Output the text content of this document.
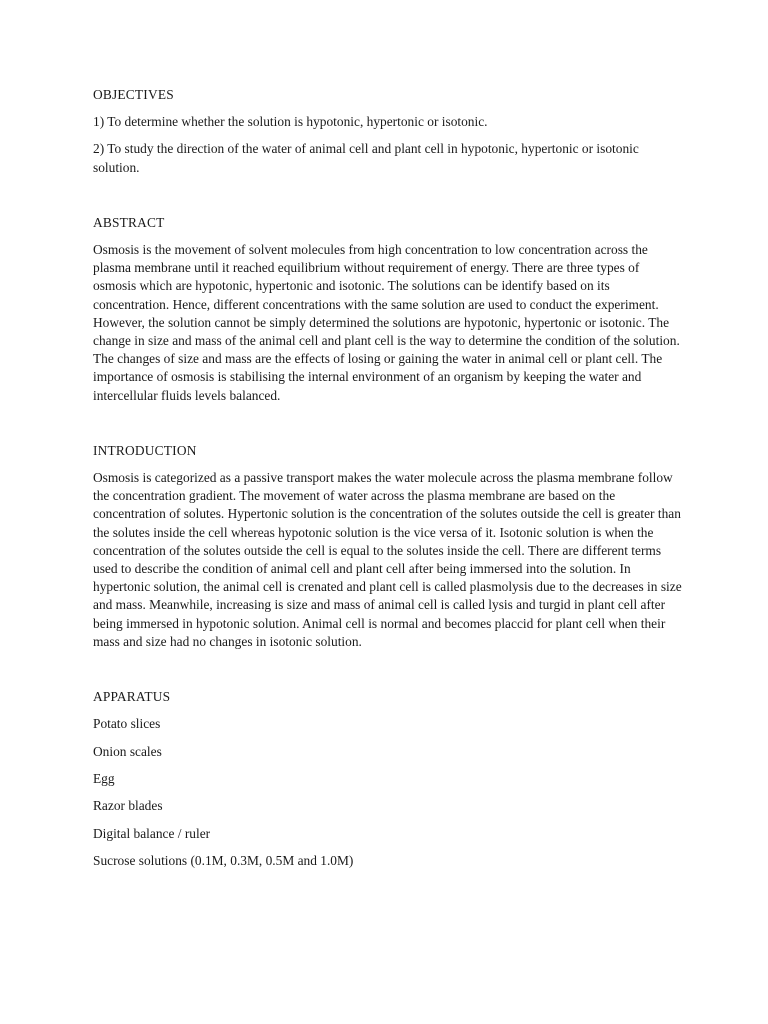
OBJECTIVES

1) To determine whether the solution is hypotonic, hypertonic or isotonic.

2) To study the direction of the water of animal cell and plant cell in hypotonic, hypertonic or isotonic solution.

ABSTRACT

Osmosis is the movement of solvent molecules from high concentration to low concentration across the plasma membrane until it reached equilibrium without requirement of energy. There are three types of osmosis which are hypotonic, hypertonic and isotonic. The solutions can be identify based on its concentration. Hence, different concentrations with the same solution are used to conduct the experiment. However, the solution cannot be simply determined the solutions are hypotonic, hypertonic or isotonic. The change in size and mass of the animal cell and plant cell is the way to determine the condition of the solution. The changes of size and mass are the effects of losing or gaining the water in animal cell or plant cell. The importance of osmosis is stabilising the internal environment of an organism by keeping the water and intercellular fluids levels balanced.

INTRODUCTION

Osmosis is categorized as a passive transport makes the water molecule across the plasma membrane follow the concentration gradient. The movement of water across the plasma membrane are based on the concentration of solutes. Hypertonic solution is the concentration of the solutes outside the cell is greater than the solutes inside the cell whereas hypotonic solution is the vice versa of it. Isotonic solution is when the concentration of the solutes outside the cell is equal to the solutes inside the cell. There are different terms used to describe the condition of animal cell and plant cell after being immersed into the solution. In hypertonic solution, the animal cell is crenated and plant cell is called plasmolysis due to the decreases in size and mass. Meanwhile, increasing is size and mass of animal cell is called lysis and turgid in plant cell after being immersed in hypotonic solution. Animal cell is normal and becomes placcid for plant cell when their mass and size had no changes in isotonic solution.

APPARATUS

Potato slices

Onion scales

Egg

Razor blades

Digital balance / ruler

Sucrose solutions (0.1M, 0.3M, 0.5M and 1.0M)
